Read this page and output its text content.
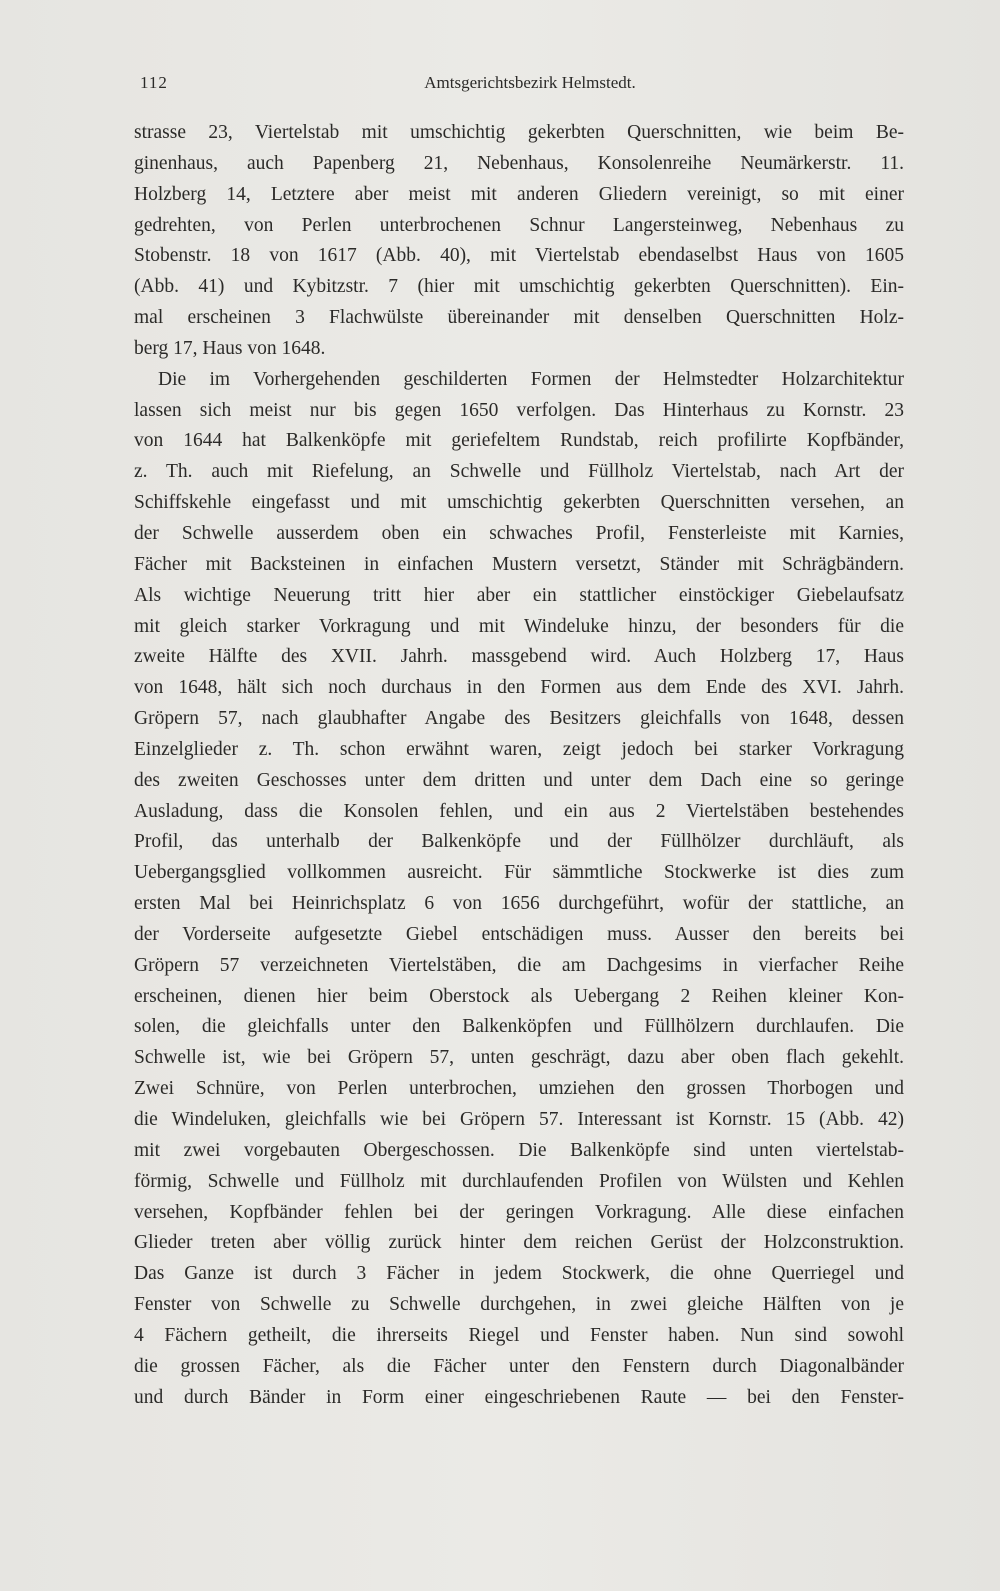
112	Amtsgerichtsbezirk Helmstedt.
strasse 23, Viertelstab mit umschichtig gekerbten Querschnitten, wie beim Be-
ginenhaus, auch Papenberg 21, Nebenhaus, Konsolenreihe Neumärkerstr. 11.
Holzberg 14, Letztere aber meist mit anderen Gliedern vereinigt, so mit einer
gedrehten, von Perlen unterbrochenen Schnur Langersteinweg, Nebenhaus zu
Stobenstr. 18 von 1617 (Abb. 40), mit Viertelstab ebendaselbst Haus von 1605
(Abb. 41) und Kybitzstr. 7 (hier mit umschichtig gekerbten Querschnitten). Ein-
mal erscheinen 3 Flachwülste übereinander mit denselben Querschnitten Holz-
berg 17, Haus von 1648.
Die im Vorhergehenden geschilderten Formen der Helmstedter Holzarchitektur
lassen sich meist nur bis gegen 1650 verfolgen. Das Hinterhaus zu Kornstr. 23
von 1644 hat Balkenköpfe mit geriefeltem Rundstab, reich profilirte Kopfbänder,
z. Th. auch mit Riefelung, an Schwelle und Füllholz Viertelstab, nach Art der
Schiffskehle eingefasst und mit umschichtig gekerbten Querschnitten versehen, an
der Schwelle ausserdem oben ein schwaches Profil, Fensterleiste mit Karnies,
Fächer mit Backsteinen in einfachen Mustern versetzt, Ständer mit Schrägbändern.
Als wichtige Neuerung tritt hier aber ein stattlicher einstöckiger Giebelaufsatz
mit gleich starker Vorkragung und mit Windeluke hinzu, der besonders für die
zweite Hälfte des XVII. Jahrh. massgebend wird. Auch Holzberg 17, Haus
von 1648, hält sich noch durchaus in den Formen aus dem Ende des XVI. Jahrh.
Gröpern 57, nach glaubhafter Angabe des Besitzers gleichfalls von 1648, dessen
Einzelglieder z. Th. schon erwähnt waren, zeigt jedoch bei starker Vorkragung
des zweiten Geschosses unter dem dritten und unter dem Dach eine so geringe
Ausladung, dass die Konsolen fehlen, und ein aus 2 Viertelstäben bestehendes
Profil, das unterhalb der Balkenköpfe und der Füllhölzer durchläuft, als
Uebergangsglied vollkommen ausreicht. Für sämmtliche Stockwerke ist dies zum
ersten Mal bei Heinrichsplatz 6 von 1656 durchgeführt, wofür der stattliche, an
der Vorderseite aufgesetzte Giebel entschädigen muss. Ausser den bereits bei
Gröpern 57 verzeichneten Viertelstäben, die am Dachgesims in vierfacher Reihe
erscheinen, dienen hier beim Oberstock als Uebergang 2 Reihen kleiner Kon-
solen, die gleichfalls unter den Balkenköpfen und Füllhölzern durchlaufen. Die
Schwelle ist, wie bei Gröpern 57, unten geschrägt, dazu aber oben flach gekehlt.
Zwei Schnüre, von Perlen unterbrochen, umziehen den grossen Thorbogen und
die Windeluken, gleichfalls wie bei Gröpern 57. Interessant ist Kornstr. 15 (Abb. 42)
mit zwei vorgebauten Obergeschossen. Die Balkenköpfe sind unten viertelstab-
förmig, Schwelle und Füllholz mit durchlaufenden Profilen von Wülsten und Kehlen
versehen, Kopfbänder fehlen bei der geringen Vorkragung. Alle diese einfachen
Glieder treten aber völlig zurück hinter dem reichen Gerüst der Holzconstruktion.
Das Ganze ist durch 3 Fächer in jedem Stockwerk, die ohne Querriegel und
Fenster von Schwelle zu Schwelle durchgehen, in zwei gleiche Hälften von je
4 Fächern getheilt, die ihrerseits Riegel und Fenster haben. Nun sind sowohl
die grossen Fächer, als die Fächer unter den Fenstern durch Diagonalbänder
und durch Bänder in Form einer eingeschriebenen Raute — bei den Fenster-
